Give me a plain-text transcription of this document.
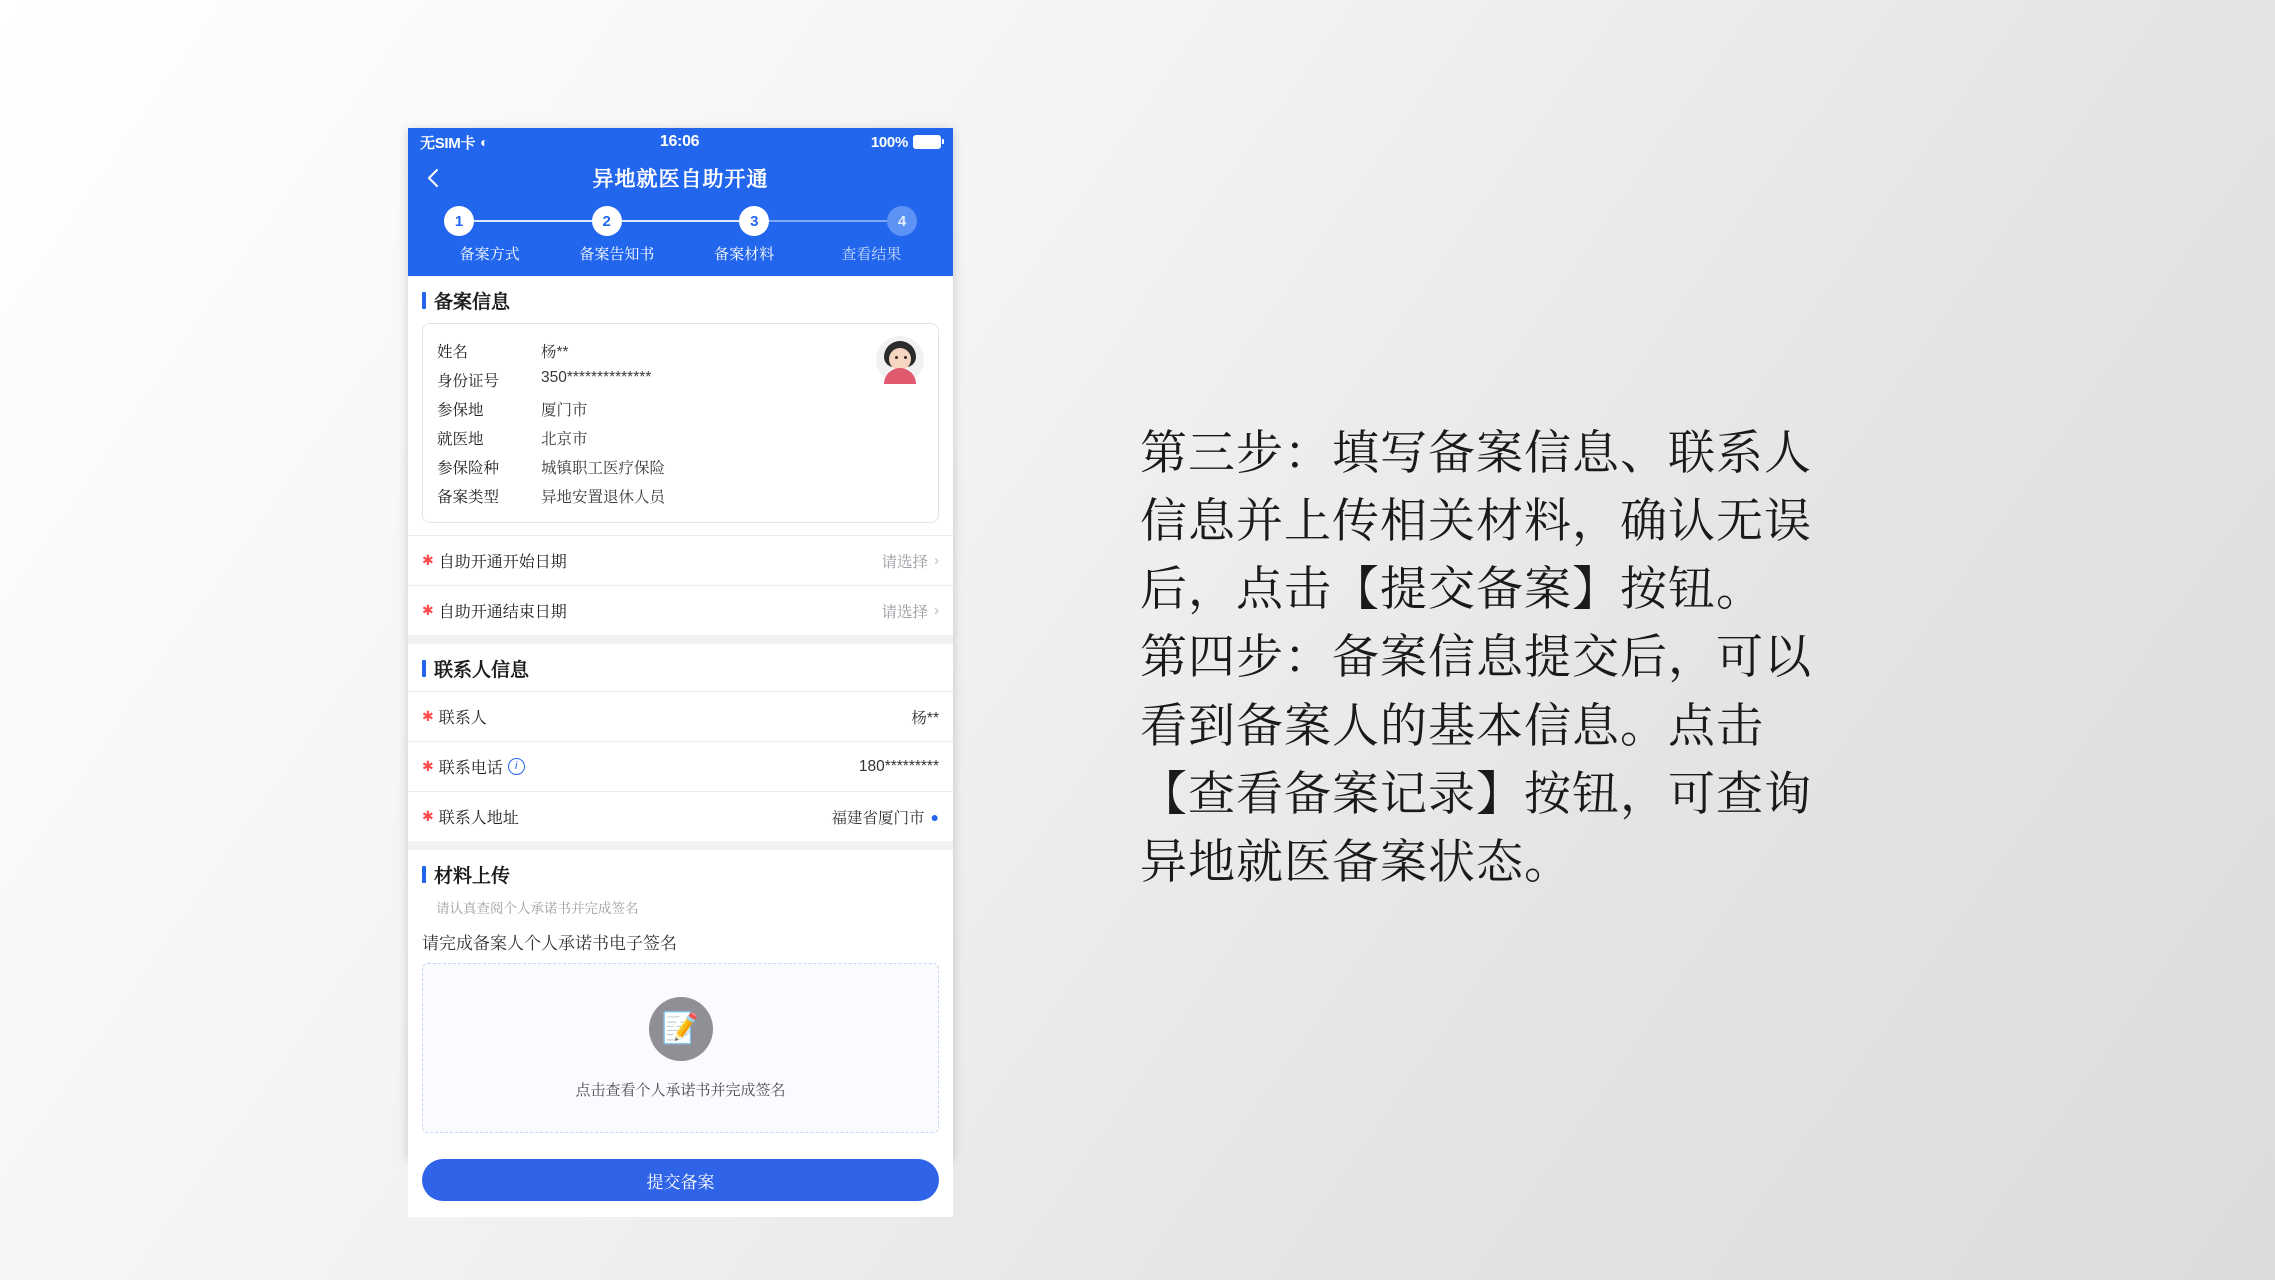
无SIM卡 ◐	16:06	100%
异地就医自助开通
1	2	3	4
备案方式	备案告知书	备案材料	查看结果
备案信息
姓名	杨**
身份证号	350**************
参保地	厦门市
就医地	北京市
参保险种	城镇职工医疗保险
备案类型	异地安置退休人员
✱ 自助开通开始日期	请选择 ›
✱ 自助开通结束日期	请选择 ›
联系人信息
✱ 联系人	杨**
✱ 联系电话	i	180*********
✱ 联系人地址	福建省厦门市 ●
材料上传
请认真查阅个人承诺书并完成签名
请完成备案人个人承诺书电子签名
📝
点击查看个人承诺书并完成签名
提交备案

第三步：填写备案信息、联系人

信息并上传相关材料，确认无误

后，点击【提交备案】按钮。

第四步：备案信息提交后，可以

看到备案人的基本信息。点击

【查看备案记录】按钮，可查询

异地就医备案状态。
